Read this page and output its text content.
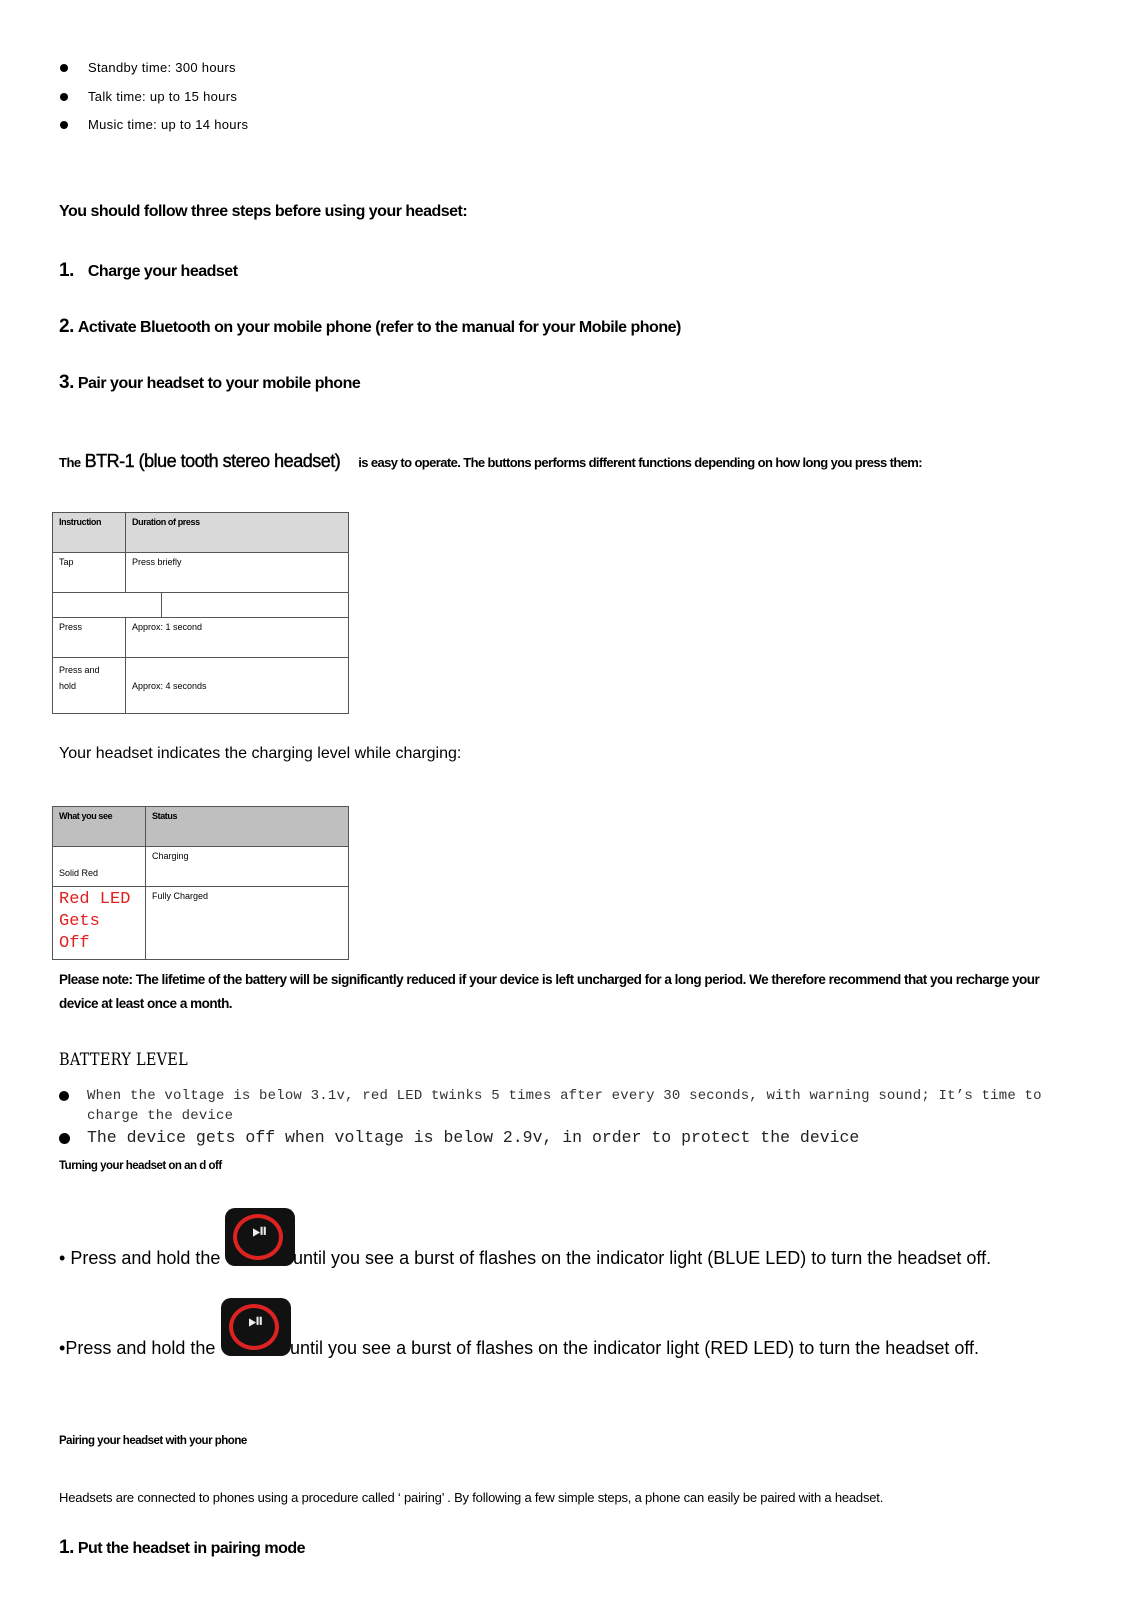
Standby time: 300 hours
Talk time: up to 15 hours
Music time: up to 14 hours
You should follow three steps before using your headset:
1. Charge your headset
2. Activate Bluetooth on your mobile phone (refer to the manual for your Mobile phone)
3. Pair your headset to your mobile phone
The BTR-1 (blue tooth stereo headset) is easy to operate. The buttons performs different functions depending on how long you press them:
Instruction	Duration of press
Tap	Press briefly

Press	Approx: 1 second
Press and hold	Approx: 4 seconds
Your headset indicates the charging level while charging:
What you see	Status
Solid Red	Charging
Red LED Gets Off	Fully Charged
Please note: The lifetime of the battery will be significantly reduced if your device is left uncharged for a long period. We therefore recommend that you recharge your device at least once a month.
BATTERY LEVEL
When the voltage is below 3.1v, red LED twinks 5 times after every 30 seconds, with warning sound; It’s time to charge the device
The device gets off when voltage is below 2.9v, in order to protect the device
Turning your headset on an d off
• Press and hold the
⏯
until you see a burst of flashes on the indicator light (BLUE LED) to turn the headset off.
•Press and hold the
⏯
until you see a burst of flashes on the indicator light (RED LED) to turn the headset off.
Pairing your headset with your phone
Headsets are connected to phones using a procedure called ‘ pairing’ . By following a few simple steps, a phone can easily be paired with a headset.
1. Put the headset in pairing mode
